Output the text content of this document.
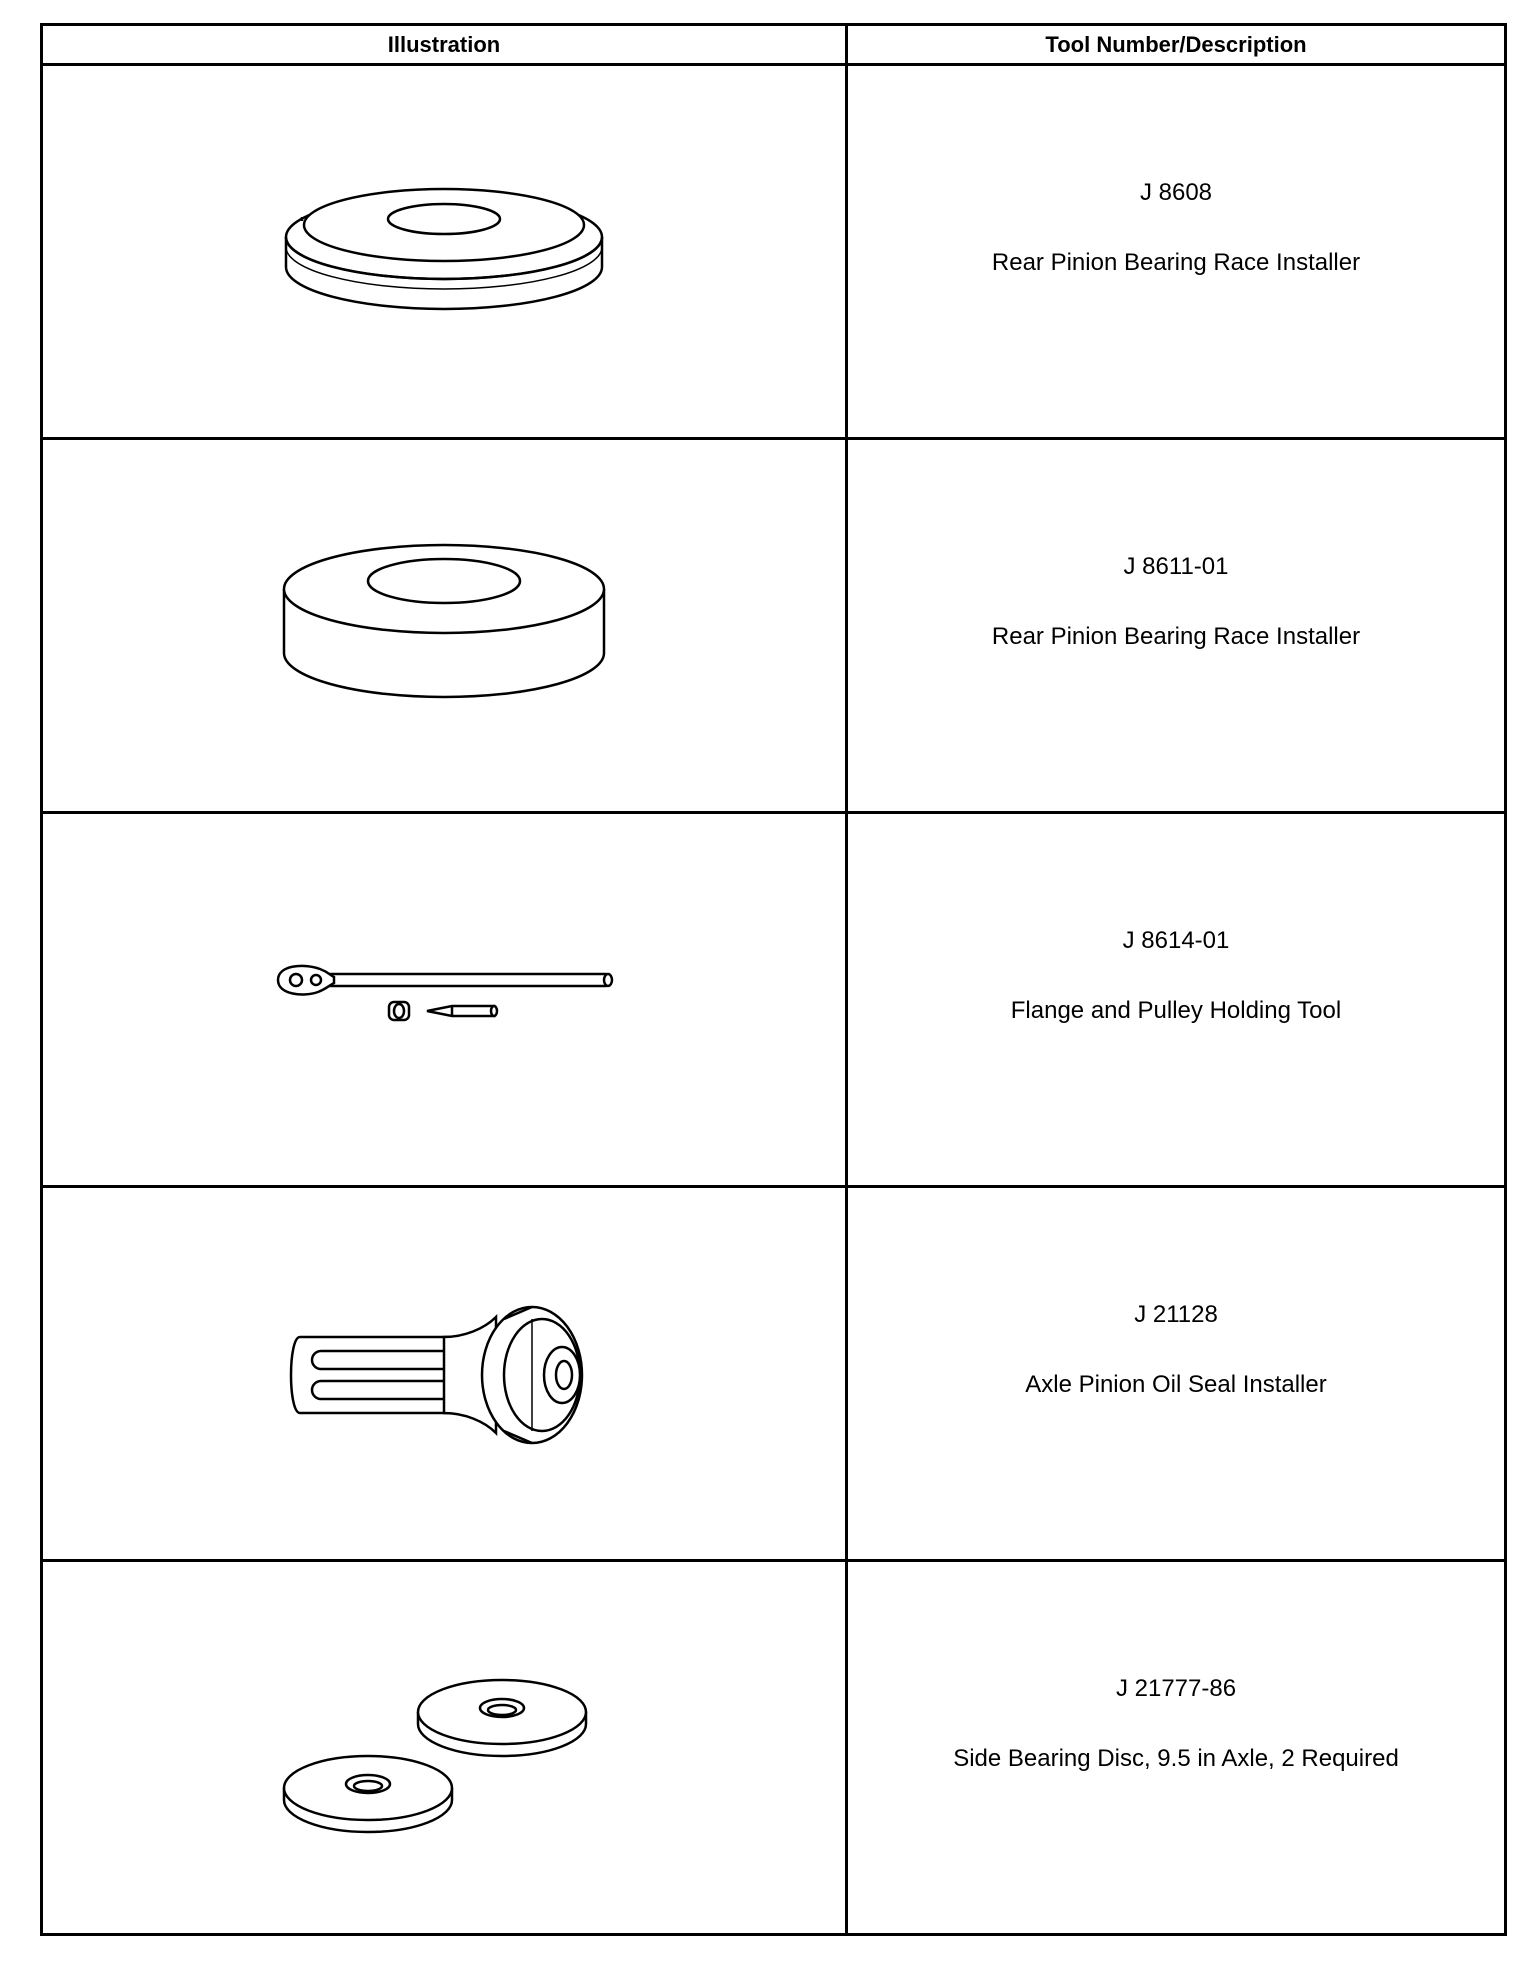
Illustration	Tool Number/Description

J 8608
Rear Pinion Bearing Race Installer

J 8611-01
Rear Pinion Bearing Race Installer

J 8614-01
Flange and Pulley Holding Tool

J 21128
Axle Pinion Oil Seal Installer

J 21777-86
Side Bearing Disc, 9.5 in Axle, 2 Required
